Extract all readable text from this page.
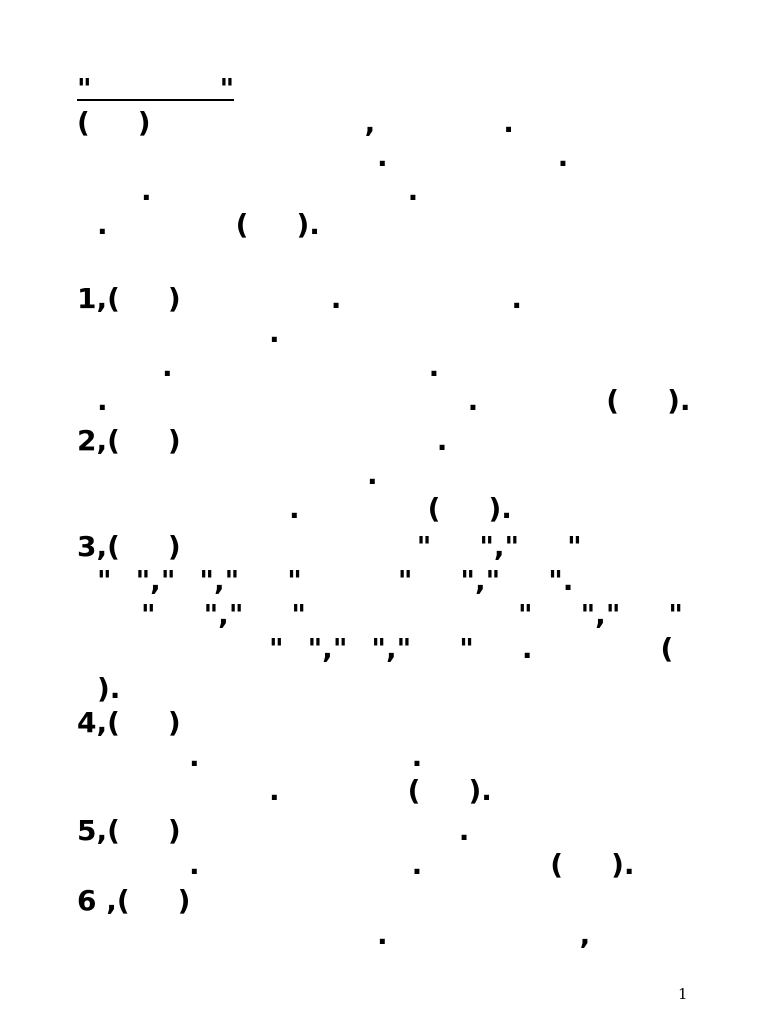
"	"
( )	,	.
.	.
.	.
.	( ).
1,( )	.	.
.
.	.
.	.	( ).
2,( )	.
.
.	( ).
3,( )	" "," "
" "," "," "	" "," ".
" "," "	" "," "
" "," "," " .	(
).
4,( )
.	.
.	( ).
5,( )	.
.	.	( ).
6 ,( )
.	,
1
